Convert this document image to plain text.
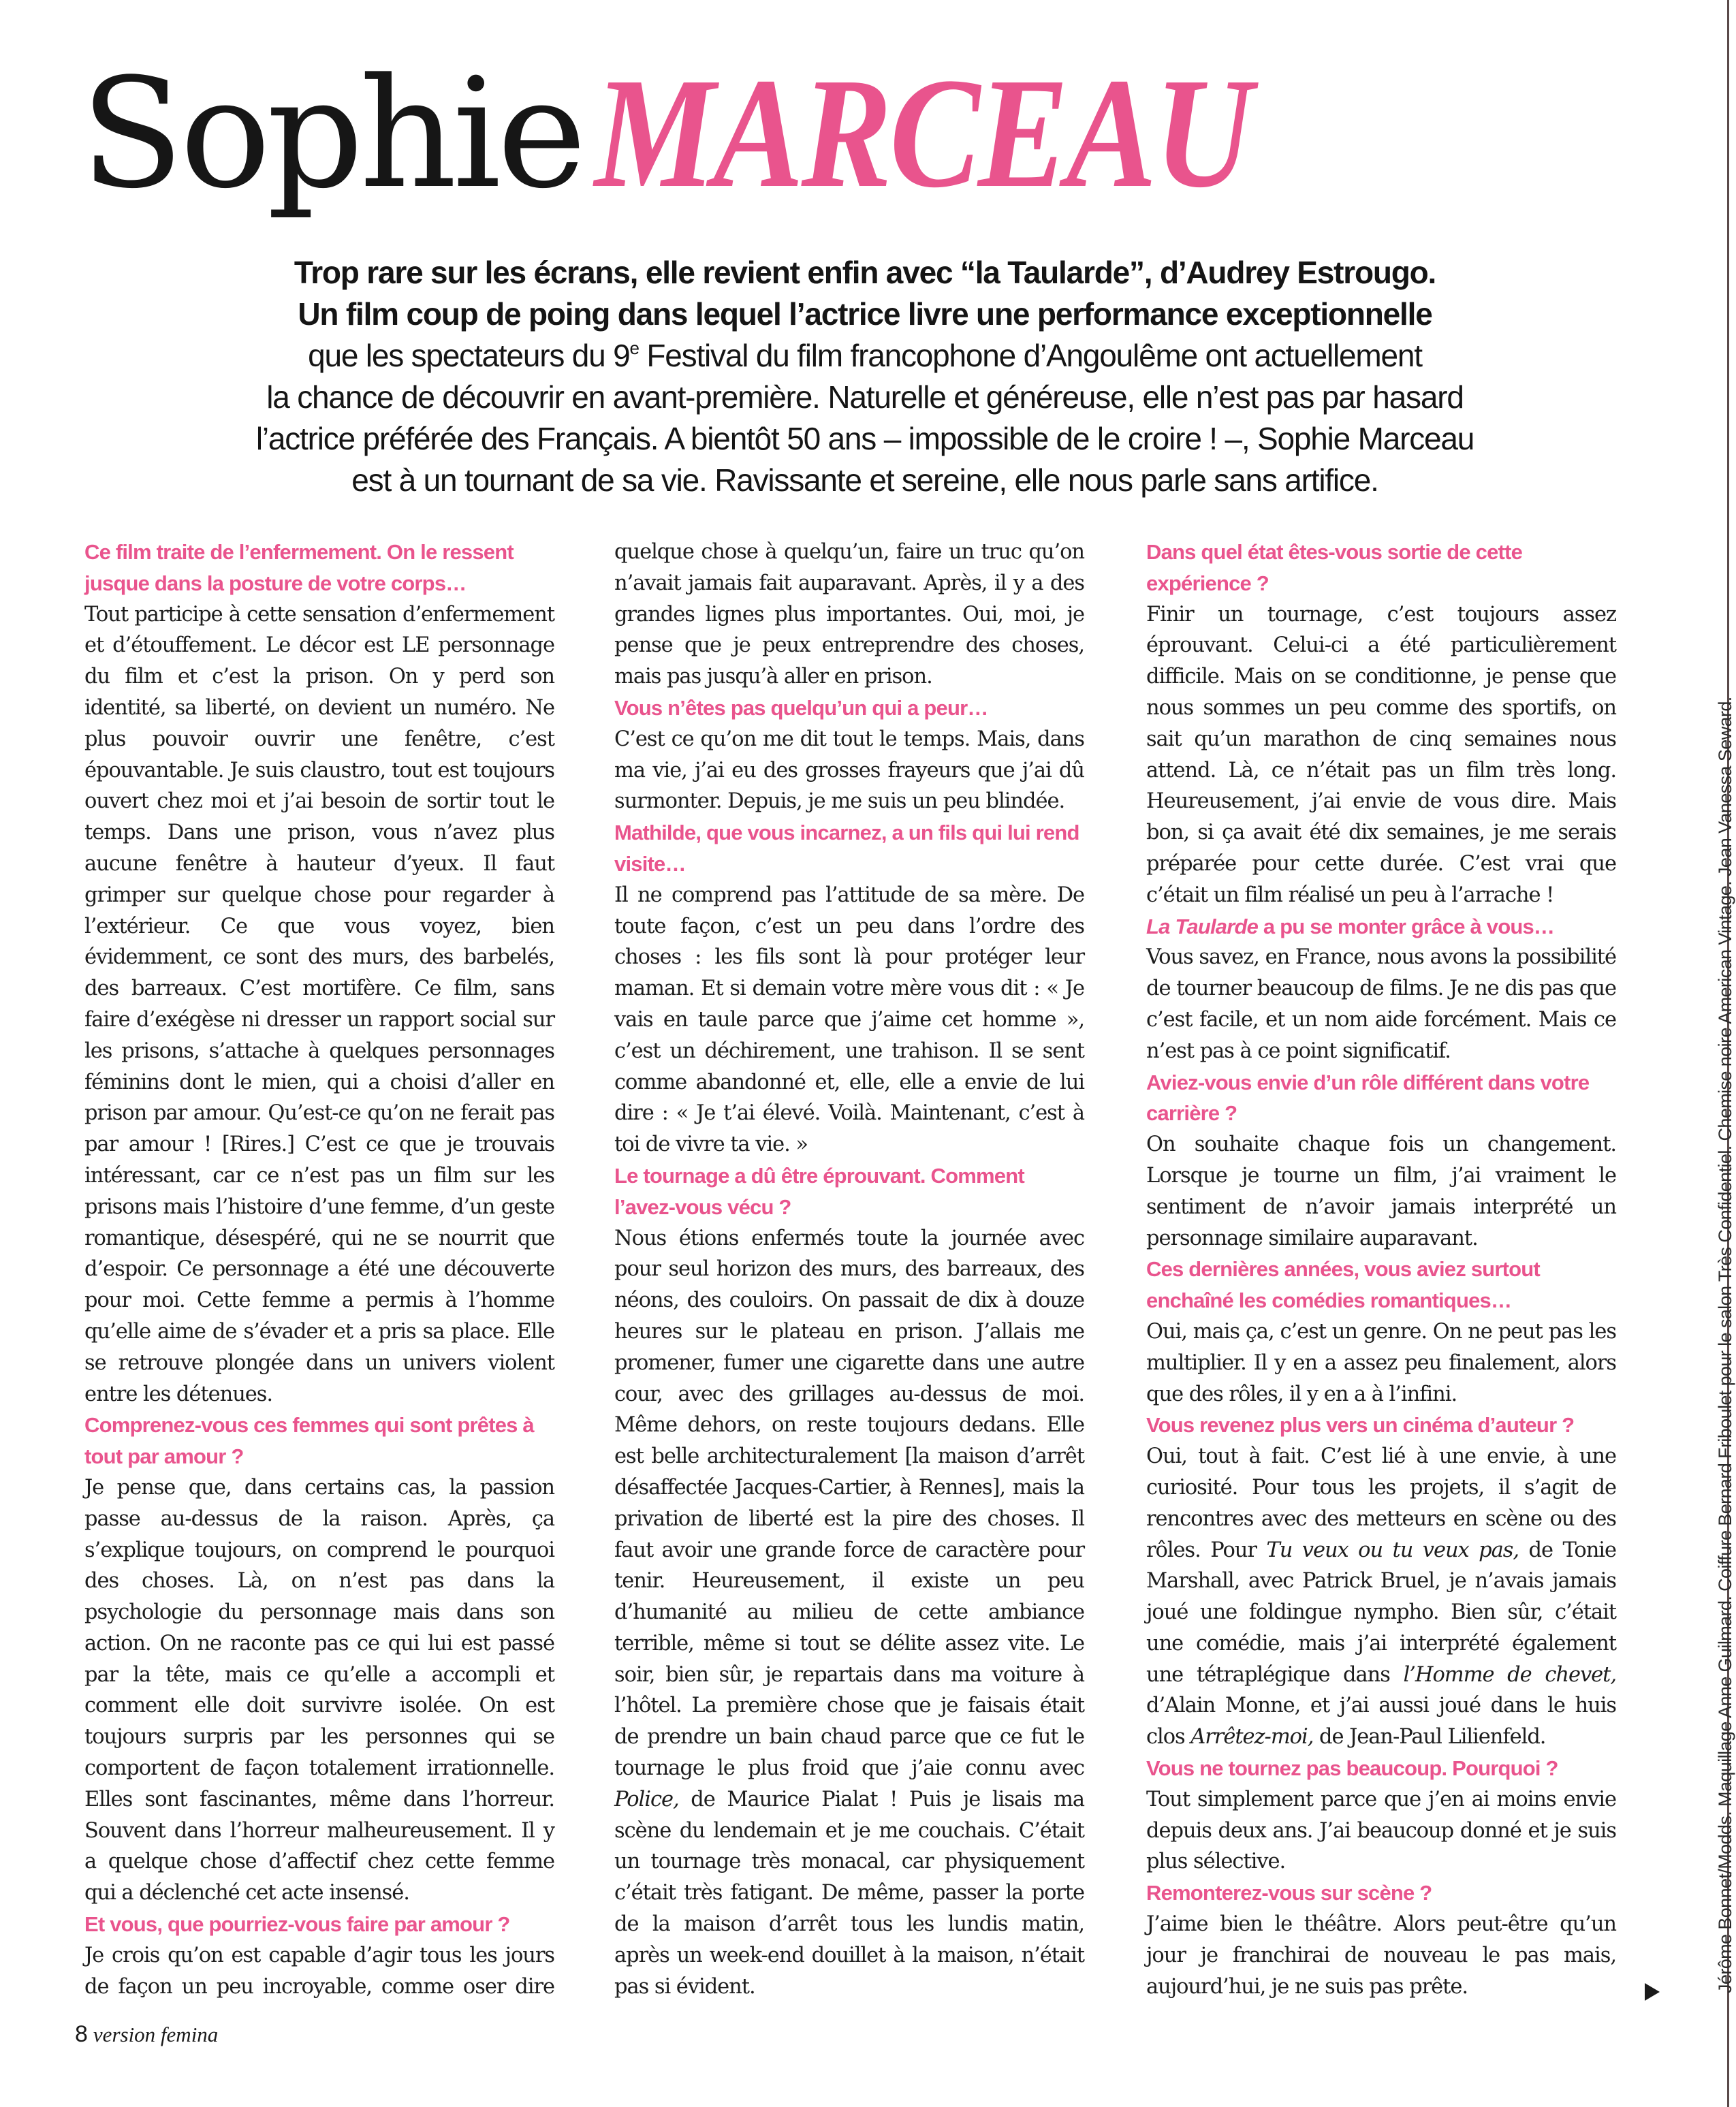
SophieMARCEAU
Trop rare sur les écrans, elle revient enfin avec “la Taularde”, d’Audrey Estrougo.
Un film coup de poing dans lequel l’actrice livre une performance exceptionnelle
que les spectateurs du 9e Festival du film francophone d’Angoulême ont actuellement
la chance de découvrir en avant-première. Naturelle et généreuse, elle n’est pas par hasard
l’actrice préférée des Français. A bientôt 50 ans – impossible de le croire ! –, Sophie Marceau
est à un tournant de sa vie. Ravissante et sereine, elle nous parle sans artifice.

Ce film traite de l’enfermement. On le ressent jusque dans la posture de votre corps…

Tout participe à cette sensation d’enfermement et d’étouffement. Le décor est LE personnage du film et c’est la prison. On y perd son identité, sa liberté, on devient un numéro. Ne plus pouvoir ouvrir une fenêtre, c’est épouvantable. Je suis claustro, tout est toujours ouvert chez moi et j’ai besoin de sortir tout le temps. Dans une prison, vous n’avez plus aucune fenêtre à hauteur d’yeux. Il faut grimper sur quelque chose pour regarder à l’extérieur. Ce que vous voyez, bien évidemment, ce sont des murs, des barbelés, des barreaux. C’est mortifère. Ce film, sans faire d’exégèse ni dresser un rapport social sur les prisons, s’attache à quelques personnages féminins dont le mien, qui a choisi d’aller en prison par amour. Qu’est-ce qu’on ne ferait pas par amour ! [Rires.] C’est ce que je trouvais intéressant, car ce n’est pas un film sur les prisons mais l’histoire d’une femme, d’un geste romantique, désespéré, qui ne se nourrit que d’espoir. Ce personnage a été une découverte pour moi. Cette femme a permis à l’homme qu’elle aime de s’évader et a pris sa place. Elle se retrouve plongée dans un univers violent entre les détenues.

Comprenez-vous ces femmes qui sont prêtes à tout par amour ?

Je pense que, dans certains cas, la passion passe au-dessus de la raison. Après, ça s’explique toujours, on comprend le pourquoi des choses. Là, on n’est pas dans la psychologie du personnage mais dans son action. On ne raconte pas ce qui lui est passé par la tête, mais ce qu’elle a accompli et comment elle doit survivre isolée. On est toujours surpris par les personnes qui se comportent de façon totalement irrationnelle. Elles sont fascinantes, même dans l’horreur. Souvent dans l’horreur malheureusement. Il y a quelque chose d’affectif chez cette femme qui a déclenché cet acte insensé.

Et vous, que pourriez-vous faire par amour ?

Je crois qu’on est capable d’agir tous les jours de façon un peu incroyable, comme oser dire

quelque chose à quelqu’un, faire un truc qu’on n’avait jamais fait auparavant. Après, il y a des grandes lignes plus importantes. Oui, moi, je pense que je peux entreprendre des choses, mais pas jusqu’à aller en prison.

Vous n’êtes pas quelqu’un qui a peur…

C’est ce qu’on me dit tout le temps. Mais, dans ma vie, j’ai eu des grosses frayeurs que j’ai dû surmonter. Depuis, je me suis un peu blindée.

Mathilde, que vous incarnez, a un fils qui lui rend visite…

Il ne comprend pas l’attitude de sa mère. De toute façon, c’est un peu dans l’ordre des choses : les fils sont là pour protéger leur maman. Et si demain votre mère vous dit : « Je vais en taule parce que j’aime cet homme », c’est un déchirement, une trahison. Il se sent comme abandonné et, elle, elle a envie de lui dire : « Je t’ai élevé. Voilà. Maintenant, c’est à toi de vivre ta vie. »

Le tournage a dû être éprouvant. Comment l’avez-vous vécu ?

Nous étions enfermés toute la journée avec pour seul horizon des murs, des barreaux, des néons, des couloirs. On passait de dix à douze heures sur le plateau en prison. J’allais me promener, fumer une cigarette dans une autre cour, avec des grillages au-dessus de moi. Même dehors, on reste toujours dedans. Elle est belle architecturalement [la maison d’arrêt désaffectée Jacques-Cartier, à Rennes], mais la privation de liberté est la pire des choses. Il faut avoir une grande force de caractère pour tenir. Heureusement, il existe un peu d’humanité au milieu de cette ambiance terrible, même si tout se délite assez vite. Le soir, bien sûr, je repartais dans ma voiture à l’hôtel. La première chose que je faisais était de prendre un bain chaud parce que ce fut le tournage le plus froid que j’aie connu avec Police, de Maurice Pialat ! Puis je lisais ma scène du lendemain et je me couchais. C’était un tournage très monacal, car physiquement c’était très fatigant. De même, passer la porte de la maison d’arrêt tous les lundis matin, après un week-end douillet à la maison, n’était pas si évident.

Dans quel état êtes-vous sortie de cette expérience ?

Finir un tournage, c’est toujours assez éprouvant. Celui-ci a été particulièrement difficile. Mais on se conditionne, je pense que nous sommes un peu comme des sportifs, on sait qu’un marathon de cinq semaines nous attend. Là, ce n’était pas un film très long. Heureusement, j’ai envie de vous dire. Mais bon, si ça avait été dix semaines, je me serais préparée pour cette durée. C’est vrai que c’était un film réalisé un peu à l’arrache !

La Taularde a pu se monter grâce à vous…

Vous savez, en France, nous avons la possibilité de tourner beaucoup de films. Je ne dis pas que c’est facile, et un nom aide forcément. Mais ce n’est pas à ce point significatif.

Aviez-vous envie d’un rôle différent dans votre carrière ?

On souhaite chaque fois un changement. Lorsque je tourne un film, j’ai vraiment le sentiment de n’avoir jamais interprété un personnage similaire auparavant.

Ces dernières années, vous aviez surtout enchaîné les comédies romantiques…

Oui, mais ça, c’est un genre. On ne peut pas les multiplier. Il y en a assez peu finalement, alors que des rôles, il y en a à l’infini.

Vous revenez plus vers un cinéma d’auteur ?

Oui, tout à fait. C’est lié à une envie, à une curiosité. Pour tous les projets, il s’agit de rencontres avec des metteurs en scène ou des rôles. Pour Tu veux ou tu veux pas, de Tonie Marshall, avec Patrick Bruel, je n’avais jamais joué une foldingue nympho. Bien sûr, c’était une comédie, mais j’ai interprété également une tétraplégique dans l’Homme de chevet, d’Alain Monne, et j’ai aussi joué dans le huis clos Arrêtez-moi, de Jean-Paul Lilienfeld.

Vous ne tournez pas beaucoup. Pourquoi ?

Tout simplement parce que j’en ai moins envie depuis deux ans. J’ai beaucoup donné et je suis plus sélective.

Remonterez-vous sur scène ?

J’aime bien le théâtre. Alors peut-être qu’un jour je franchirai de nouveau le pas mais, aujourd’hui, je ne suis pas prête.	Jérôme Bonnet/Modds. Maquillage Anne Guilmard. Coiffure Bernard Friboulet pour le salon Très Confidentiel. Chemise noire American Vintage. Jean Vanessa Seward.
8 version femina
